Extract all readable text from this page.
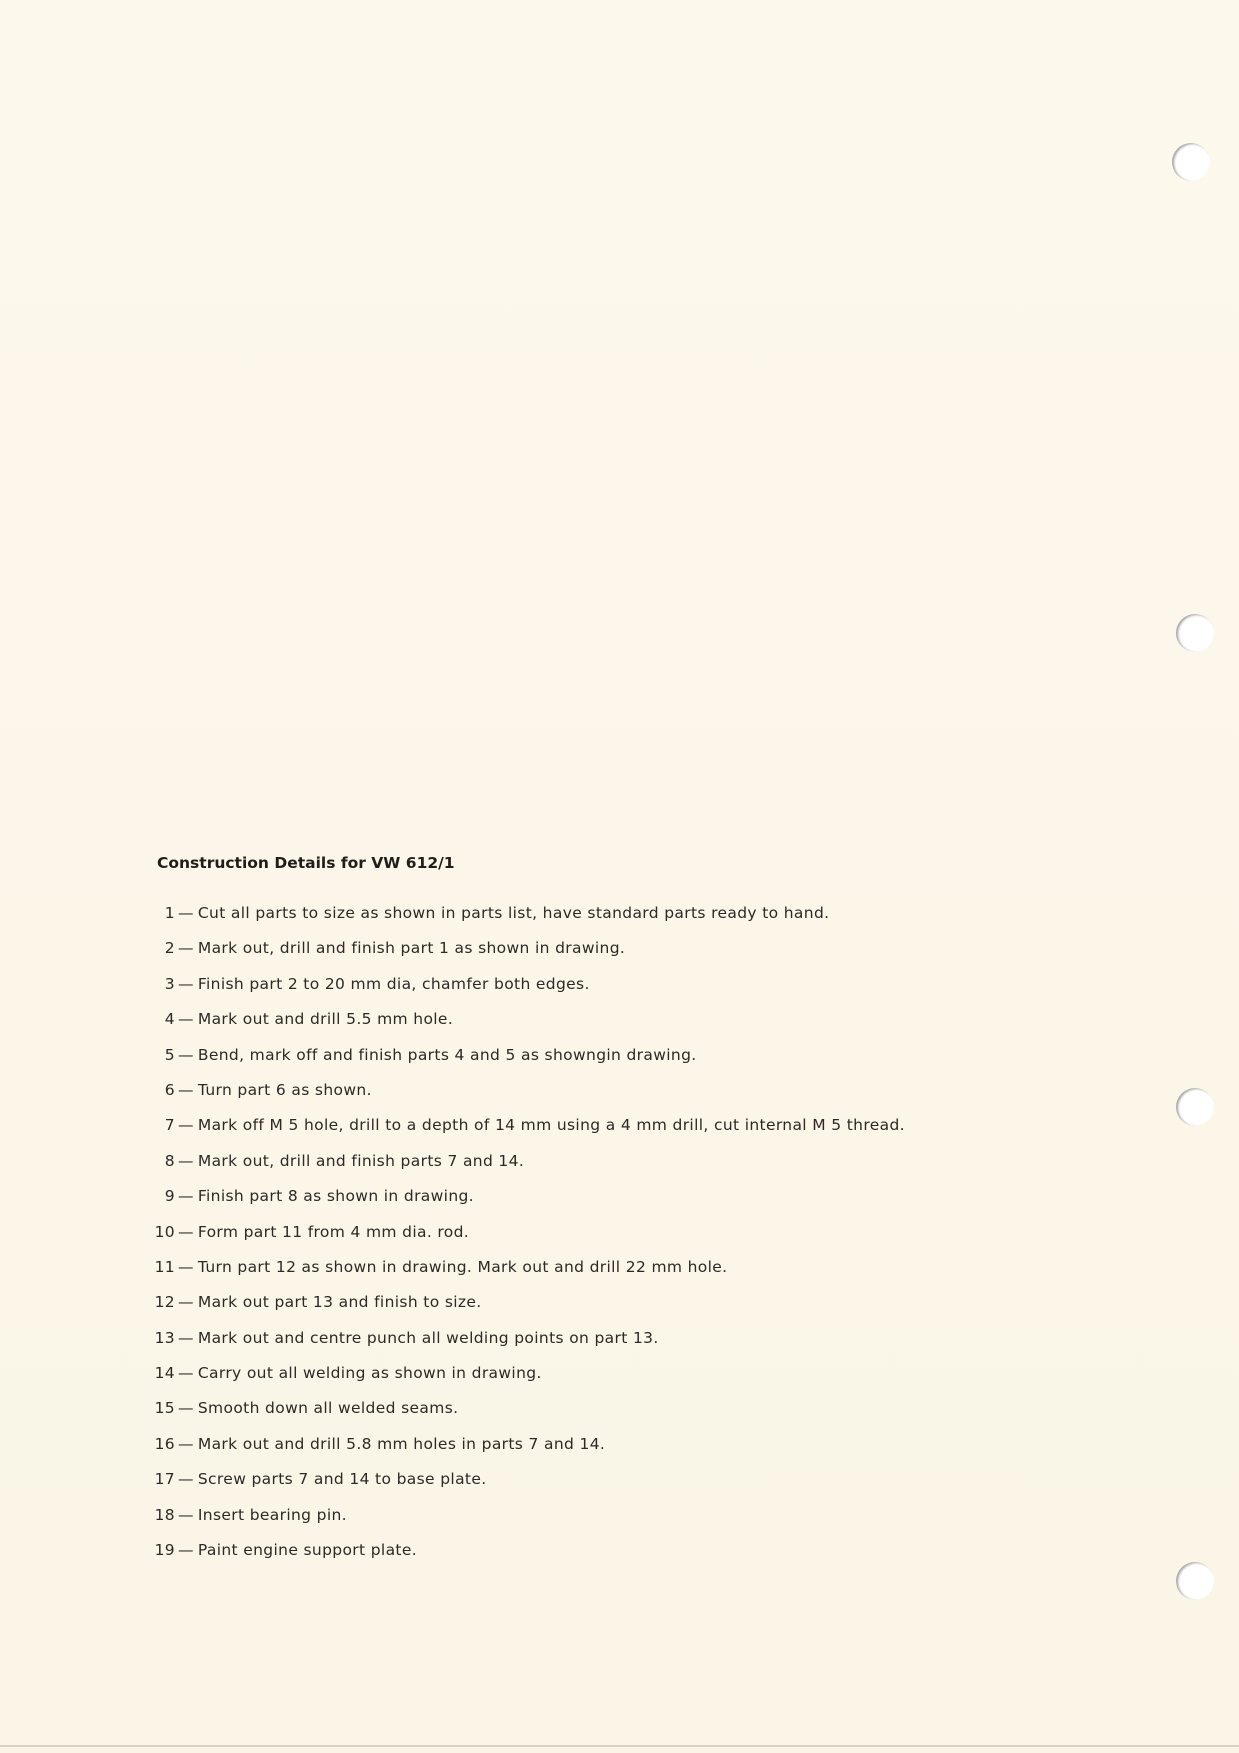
Construction Details for VW 612/1
1 — Cut all parts to size as shown in parts list, have standard parts ready to hand.
2 — Mark out, drill and finish part 1 as shown in drawing.
3 — Finish part 2 to 20 mm dia, chamfer both edges.
4 — Mark out and drill 5.5 mm hole.
5 — Bend, mark off and finish parts 4 and 5 as showngin drawing.
6 — Turn part 6 as shown.
7 — Mark off M 5 hole, drill to a depth of 14 mm using a 4 mm drill, cut internal M 5 thread.
8 — Mark out, drill and finish parts 7 and 14.
9 — Finish part 8 as shown in drawing.
10 — Form part 11 from 4 mm dia. rod.
11 — Turn part 12 as shown in drawing. Mark out and drill 22 mm hole.
12 — Mark out part 13 and finish to size.
13 — Mark out and centre punch all welding points on part 13.
14 — Carry out all welding as shown in drawing.
15 — Smooth down all welded seams.
16 — Mark out and drill 5.8 mm holes in parts 7 and 14.
17 — Screw parts 7 and 14 to base plate.
18 — Insert bearing pin.
19 — Paint engine support plate.
